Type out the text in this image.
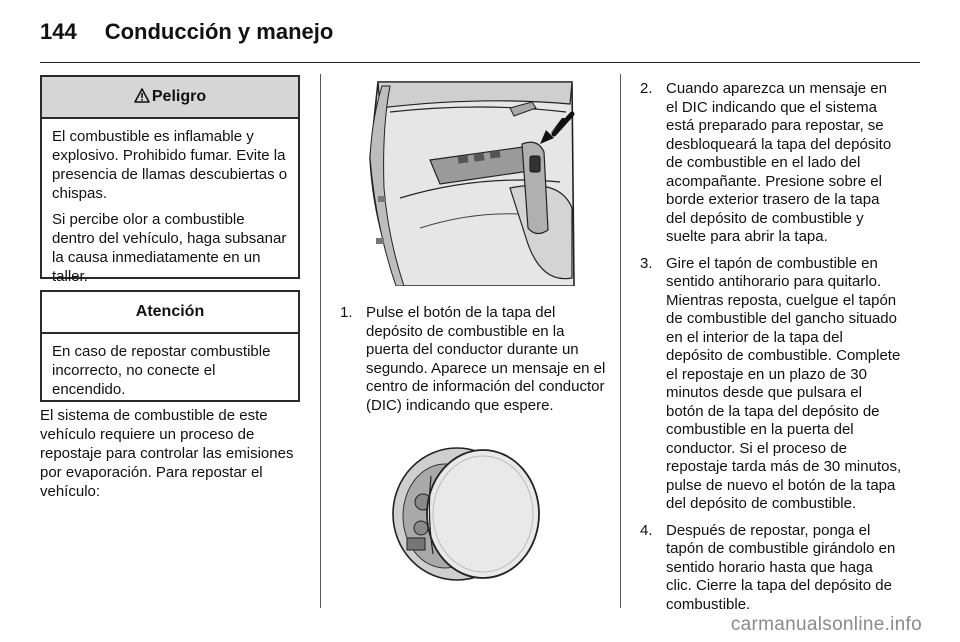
144 Conducción y manejo
Peligro

El combustible es inflamable y explosivo. Prohibido fumar. Evite la presencia de llamas descubiertas o chispas.

Si percibe olor a combustible dentro del vehículo, haga subsanar la causa inmediatamente en un taller.

Atención

En caso de repostar combustible incorrecto, no conecte el encendido.

El sistema de combustible de este vehículo requiere un proceso de repostaje para controlar las emisiones por evaporación. Para repostar el vehículo:

1. Pulse el botón de la tapa del depósito de combustible en la puerta del conductor durante un segundo. Aparece un mensaje en el centro de información del conductor (DIC) indicando que espere.
2. Cuando aparezca un mensaje en el DIC indicando que el sistema está preparado para repostar, se desbloqueará la tapa del depósito de combustible en el lado del acompañante. Presione sobre el borde exterior trasero de la tapa del depósito de combustible y suelte para abrir la tapa.
3. Gire el tapón de combustible en sentido antihorario para quitarlo. Mientras reposta, cuelgue el tapón de combustible del gancho situado en el interior de la tapa del depósito de combustible. Complete el repostaje en un plazo de 30 minutos desde que pulsara el botón de la tapa del depósito de combustible en la puerta del conductor. Si el proceso de repostaje tarda más de 30 minutos, pulse de nuevo el botón de la tapa del depósito de combustible.
4. Después de repostar, ponga el tapón de combustible girándolo en sentido horario hasta que haga clic. Cierre la tapa del depósito de combustible.
carmanualsonline.info
